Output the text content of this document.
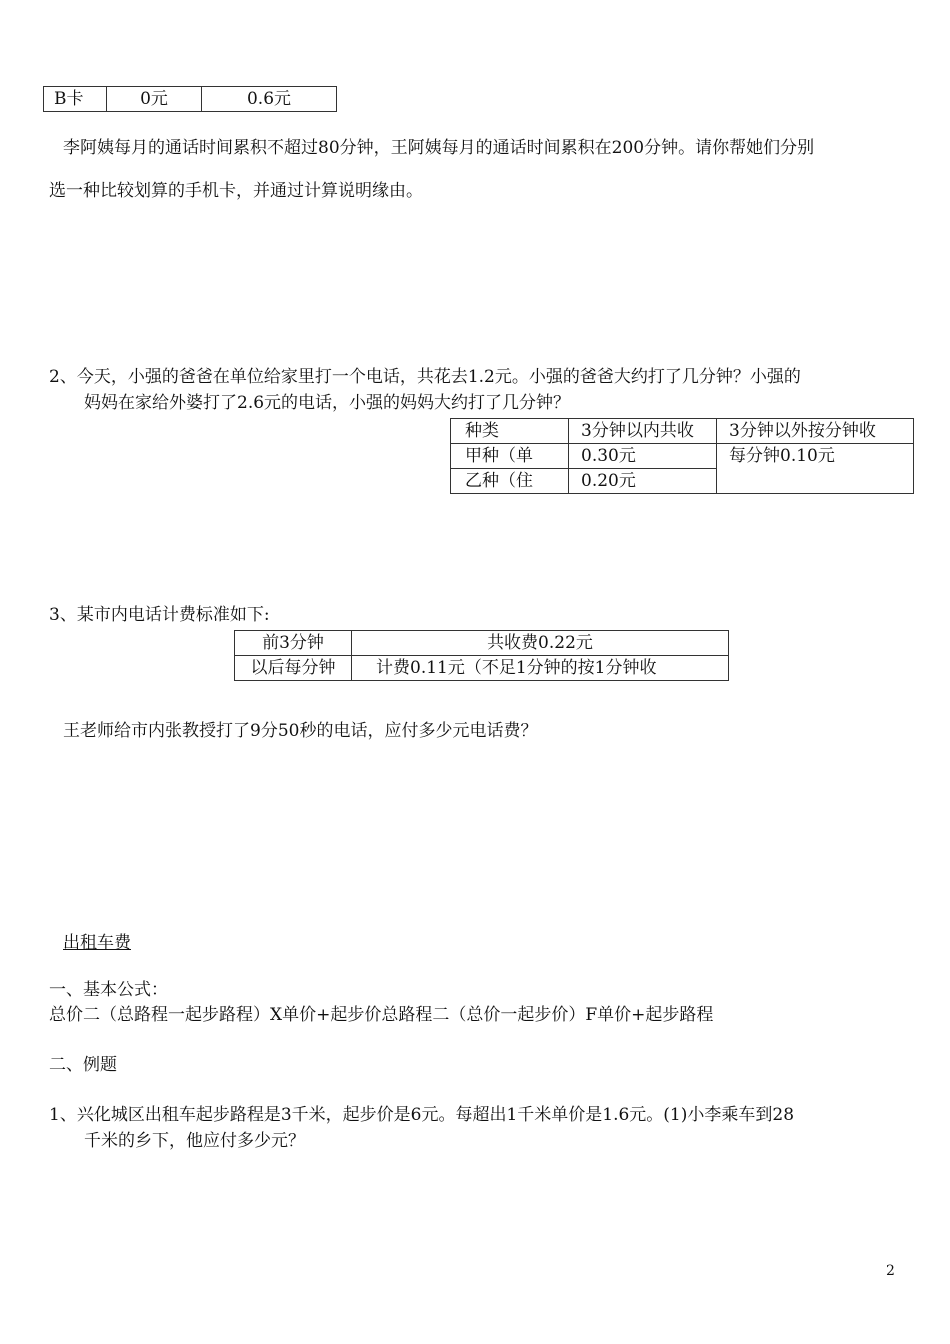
B卡	0元	0.6元
李阿姨每月的通话时间累积不超过80分钟，王阿姨每月的通话时间累积在200分钟。请你帮她们分别
选一种比较划算的手机卡，并通过计算说明缘由。
2、今天，小强的爸爸在单位给家里打一个电话，共花去1.2元。小强的爸爸大约打了几分钟？小强的
妈妈在家给外婆打了2.6元的电话，小强的妈妈大约打了几分钟？
种类	3分钟以内共收	3分钟以外按分钟收
甲种（单	0.30元	每分钟0.10元
乙种（住	0.20元	
3、某市内电话计费标准如下:
前3分钟	共收费0.22元
以后每分钟	计费0.11元（不足1分钟的按1分钟收
王老师给市内张教授打了9分50秒的电话，应付多少元电话费？
出租车费
一、基本公式：
总价二（总路程一起步路程）X单价+起步价总路程二（总价一起步价）F单价+起步路程
二、例题
1、兴化城区出租车起步路程是3千米，起步价是6元。每超出1千米单价是1.6元。(1)小李乘车到28
千米的乡下，他应付多少元？
2
